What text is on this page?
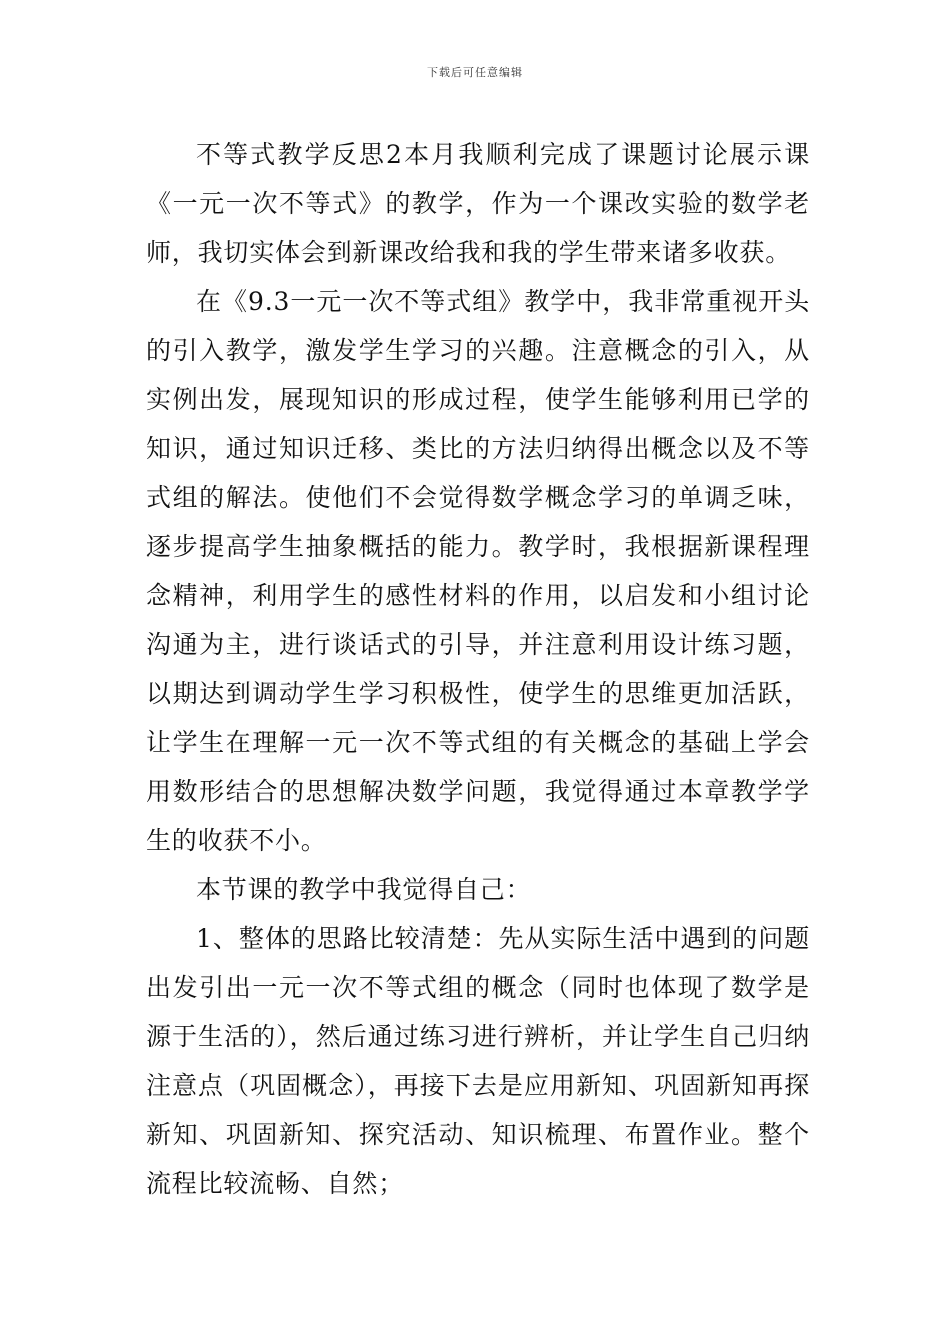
下载后可任意编辑

不等式教学反思2本月我顺利完成了课题讨论展示课《一元一次不等式》的教学，作为一个课改实验的数学老师，我切实体会到新课改给我和我的学生带来诸多收获。

在《9.3一元一次不等式组》教学中，我非常重视开头的引入教学，激发学生学习的兴趣。注意概念的引入，从实例出发，展现知识的形成过程，使学生能够利用已学的知识，通过知识迁移、类比的方法归纳得出概念以及不等式组的解法。使他们不会觉得数学概念学习的单调乏味，逐步提高学生抽象概括的能力。教学时，我根据新课程理念精神，利用学生的感性材料的作用，以启发和小组讨论沟通为主，进行谈话式的引导，并注意利用设计练习题，以期达到调动学生学习积极性，使学生的思维更加活跃，让学生在理解一元一次不等式组的有关概念的基础上学会用数形结合的思想解决数学问题，我觉得通过本章教学学生的收获不小。

本节课的教学中我觉得自己：

1、整体的思路比较清楚：先从实际生活中遇到的问题出发引出一元一次不等式组的概念（同时也体现了数学是源于生活的），然后通过练习进行辨析，并让学生自己归纳注意点（巩固概念），再接下去是应用新知、巩固新知再探新知、巩固新知、探究活动、知识梳理、布置作业。整个流程比较流畅、自然；
